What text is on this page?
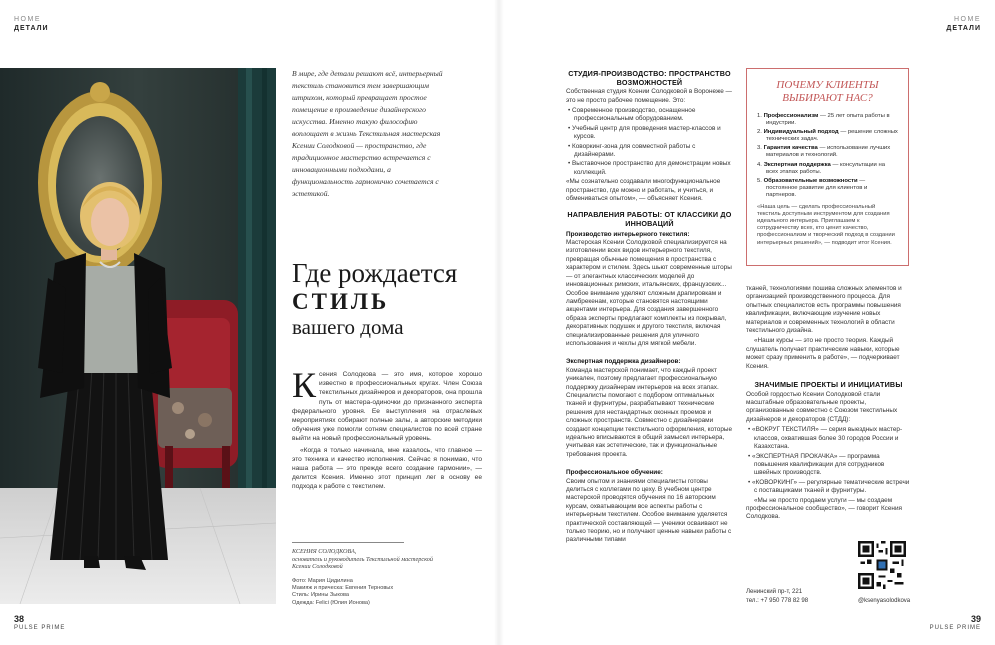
HOME
ДЕТАЛИ
HOME
ДЕТАЛИ
В мире, где детали решают всё, интерьерный текстиль становится тем завершающим штрихом, который превращает простое помещение в произведение дизайнерского искусства. Именно такую философию воплощает в жизнь Текстильная мастерская Ксении Солодковой — пространство, где традиционное мастерство встречается с инновационными подходами, а функциональность гармонично сочетается с эстетикой.
Где рождается
СТИЛЬ
вашего дома
Ксения Солодкова — это имя, которое хорошо известно в профессиональных кругах. Член Союза текстильных дизайнеров и декораторов, она прошла путь от мастера-одиночки до признанного эксперта федерального уровня. Ее выступления на отраслевых мероприятиях собирают полные залы, а авторские методики обучения уже помогли сотням специалистов по всей стране выйти на новый профессиональный уровень.
«Когда я только начинала, мне казалось, что главное — это техника и качество исполнения. Сейчас я понимаю, что наша работа — это прежде всего создание гармонии», — делится Ксения. Именно этот принцип лег в основу ее подхода к работе с текстилем.
КСЕНИЯ СОЛОДКОВА,
основатель и руководитель Текстильной мастерской Ксении Солодковой
Фото: Мария Цидилина
Макияж и прическа: Евгения Терновых
Стиль: Ирины Зыкова
Одежда: Felici (Юлия Ионова)
38
PULSE PRIME
39
PULSE PRIME
СТУДИЯ-ПРОИЗВОДСТВО: ПРОСТРАНСТВО ВОЗМОЖНОСТЕЙ
Собственная студия Ксении Солодковой в Воронеже — это не просто рабочее помещение. Это:
• Современное производство, оснащенное профессиональным оборудованием.
• Учебный центр для проведения мастер-классов и курсов.
• Коворкинг-зона для совместной работы с дизайнерами.
• Выставочное пространство для демонстрации новых коллекций.
«Мы сознательно создавали многофункциональное пространство, где можно и работать, и учиться, и обмениваться опытом», — объясняет Ксения.
НАПРАВЛЕНИЯ РАБОТЫ: ОТ КЛАССИКИ ДО ИННОВАЦИЙ
Производство интерьерного текстиля:
Мастерская Ксении Солодковой специализируется на изготовлении всех видов интерьерного текстиля, превращая обычные помещения в пространства с характером и стилем. Здесь шьют современные шторы — от элегантных классических моделей до инновационных римских, итальянских, французских... Особое внимание уделяют сложным драпировкам и ламбрекенам, которые становятся настоящими акцентами интерьера. Для создания завершенного образа эксперты предлагают комплекты из покрывал, декоративных подушек и другого текстиля, включая специализированные решения для уличного использования и чехлы для мягкой мебели.
Экспертная поддержка дизайнеров:
Команда мастерской понимает, что каждый проект уникален, поэтому предлагает профессиональную поддержку дизайнерам интерьеров на всех этапах. Специалисты помогают с подбором оптимальных тканей и фурнитуры, разрабатывают технические решения для нестандартных оконных проемов и сложных пространств. Совместно с дизайнерами создают концепции текстильного оформления, которые идеально вписываются в общий замысел интерьера, учитывая как эстетические, так и функциональные требования проекта.
Профессиональное обучение:
Своим опытом и знаниями специалисты готовы делиться с коллегами по цеху. В учебном центре мастерской проводятся обучения по 16 авторским курсам, охватывающим все аспекты работы с интерьерным текстилем. Особое внимание уделяется практической составляющей — ученики осваивают не только теорию, но и получают ценные навыки работы с различными типами
ПОЧЕМУ КЛИЕНТЫ ВЫБИРАЮТ НАС?
1. Профессионализм — 25 лет опыта работы в индустрии.
2. Индивидуальный подход — решение сложных технических задач.
3. Гарантия качества — использование лучших материалов и технологий.
4. Экспертная поддержка — консультации на всех этапах работы.
5. Образовательные возможности — постоянное развитие для клиентов и партнеров.
«Наша цель — сделать профессиональный текстиль доступным инструментом для создания идеального интерьера. Приглашаем к сотрудничеству всех, кто ценит качество, профессионализм и творческий подход в создании интерьерных решений», — подводит итог Ксения.
тканей, технологиями пошива сложных элементов и организацией производственного процесса. Для опытных специалистов есть программы повышения квалификации, включающие изучение новых материалов и современных технологий в области текстильного дизайна.
«Наши курсы — это не просто теория. Каждый слушатель получает практические навыки, которые может сразу применить в работе», — подчеркивает Ксения.
ЗНАЧИМЫЕ ПРОЕКТЫ И ИНИЦИАТИВЫ
Особой гордостью Ксении Солодковой стали масштабные образовательные проекты, организованные совместно с Союзом текстильных дизайнеров и декораторов (СТДД):
• «ВОКРУГ ТЕКСТИЛЯ» — серия выездных мастер-классов, охватившая более 30 городов России и Казахстана.
• «ЭКСПЕРТНАЯ ПРОКАЧКА» — программа повышения квалификации для сотрудников швейных производств.
• «КОВОРКИНГ» — регулярные тематические встречи с поставщиками тканей и фурнитуры.
«Мы не просто продаем услуги — мы создаем профессиональное сообщество», — говорит Ксения Солодкова.
Ленинский пр-т, 221
тел.: +7 950 778 82 98	@ksenyasolodkova
